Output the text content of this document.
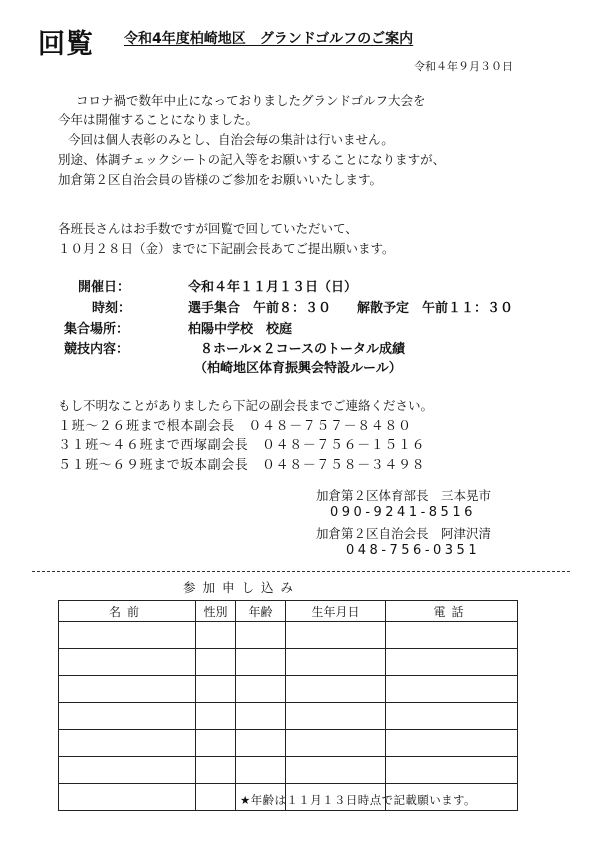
回覧 令和4年度柏崎地区　グランドゴルフのご案内
令和４年９月３０日
コロナ禍で数年中止になっておりましたグランドゴルフ大会を
今年は開催することになりました。
今回は個人表彰のみとし、自治会毎の集計は行いません。
別途、体調チェックシートの記入等をお願いすることになりますが、
加倉第２区自治会員の皆様のご参加をお願いいたします。
各班長さんはお手数ですが回覧で回していただいて、
１０月２８日（金）までに下記副会長あてご提出願います。
開催日：	令和４年１１月１３日（日）
時刻：	選手集合　午前８：３０　　解散予定　午前１１：３０
集合場所：	柏陽中学校　校庭
競技内容：	８ホール×２コースのトータル成績
（柏崎地区体育振興会特設ルール）
もし不明なことがありましたら下記の副会長までご連絡ください。
１班～２６班まで根本副会長　０４８－７５７－８４８０
３１班～４６班まで西塚副会長　０４８－７５６－１５１６
５１班～６９班まで坂本副会長　０４８－７５８－３４９８
加倉第２区体育部長　三本晃市
090-9241-8516
加倉第２区自治会長　阿津沢清
048-756-0351
参加申し込み
名前	性別	年齢	生年月日	電話

★年齢は１１月１３日時点で記載願います。
